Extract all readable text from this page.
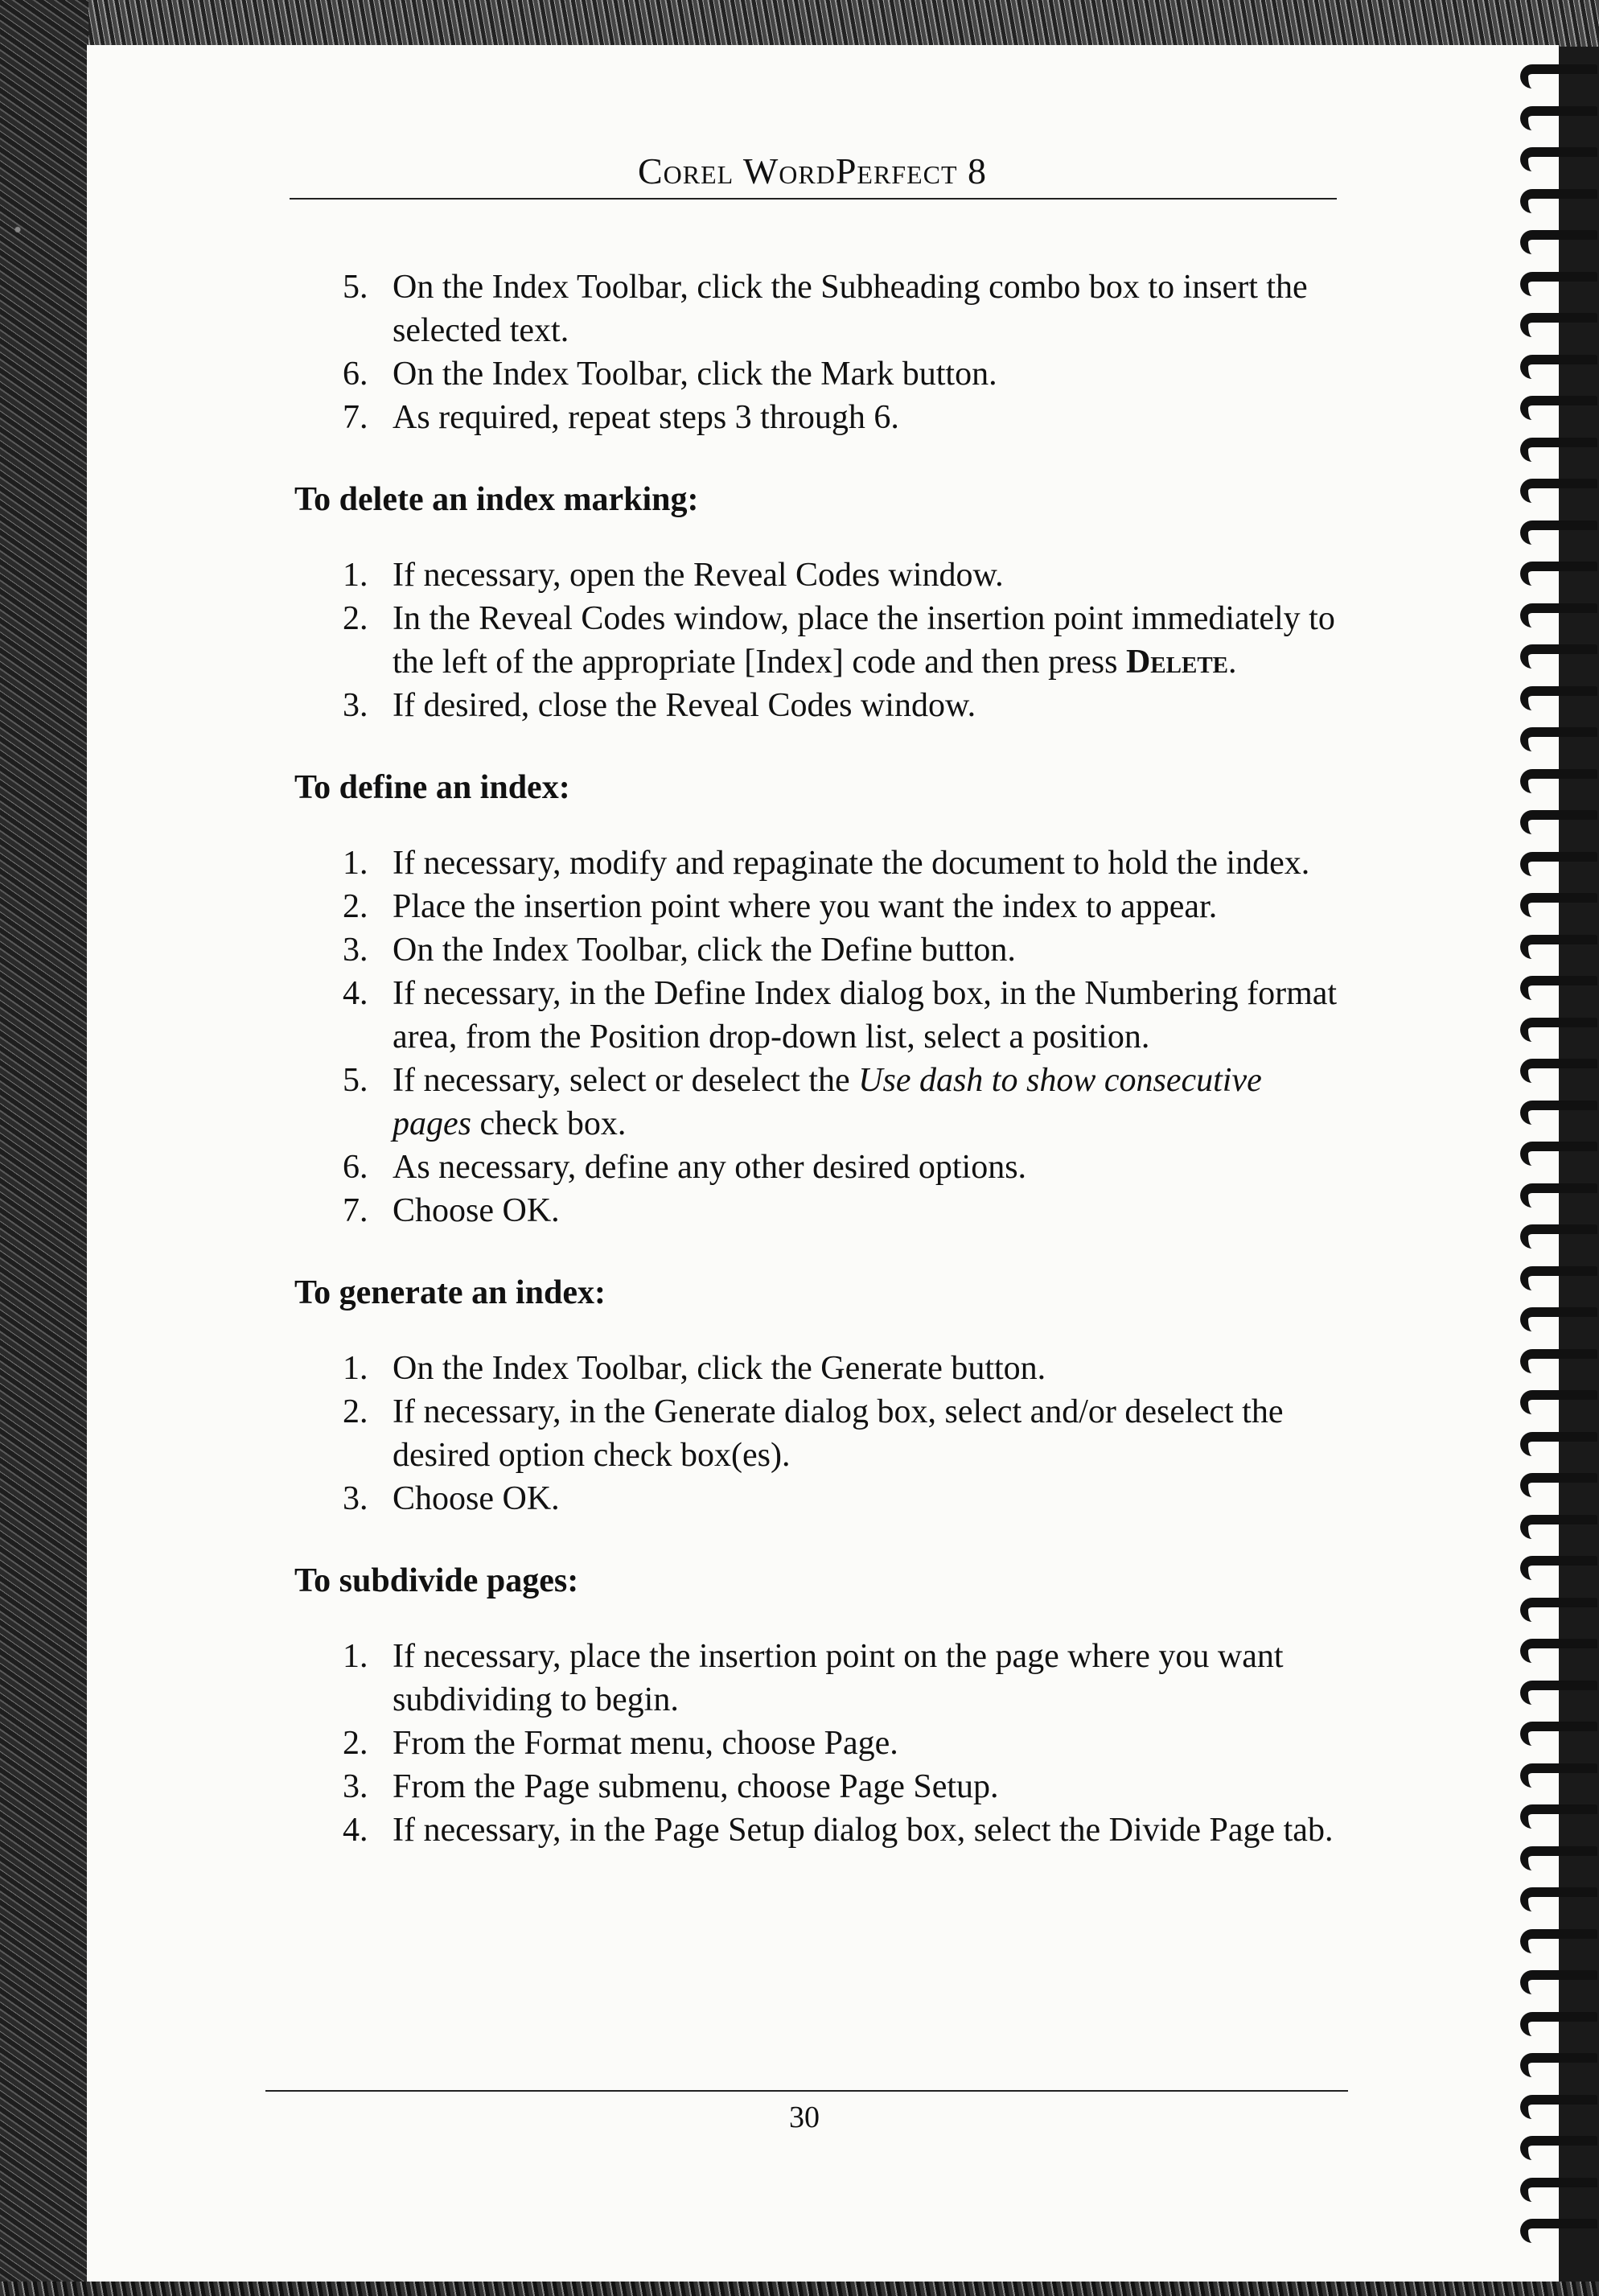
Corel WordPerfect 8
5. On the Index Toolbar, click the Subheading combo box to insert the selected text.
6. On the Index Toolbar, click the Mark button.
7. As required, repeat steps 3 through 6.
To delete an index marking:
1. If necessary, open the Reveal Codes window.
2. In the Reveal Codes window, place the insertion point immediately to the left of the appropriate [Index] code and then press Delete.
3. If desired, close the Reveal Codes window.
To define an index:
1. If necessary, modify and repaginate the document to hold the index.
2. Place the insertion point where you want the index to appear.
3. On the Index Toolbar, click the Define button.
4. If necessary, in the Define Index dialog box, in the Numbering format area, from the Position drop-down list, select a position.
5. If necessary, select or deselect the Use dash to show consecutive pages check box.
6. As necessary, define any other desired options.
7. Choose OK.
To generate an index:
1. On the Index Toolbar, click the Generate button.
2. If necessary, in the Generate dialog box, select and/or deselect the desired option check box(es).
3. Choose OK.
To subdivide pages:
1. If necessary, place the insertion point on the page where you want subdividing to begin.
2. From the Format menu, choose Page.
3. From the Page submenu, choose Page Setup.
4. If necessary, in the Page Setup dialog box, select the Divide Page tab.
30
